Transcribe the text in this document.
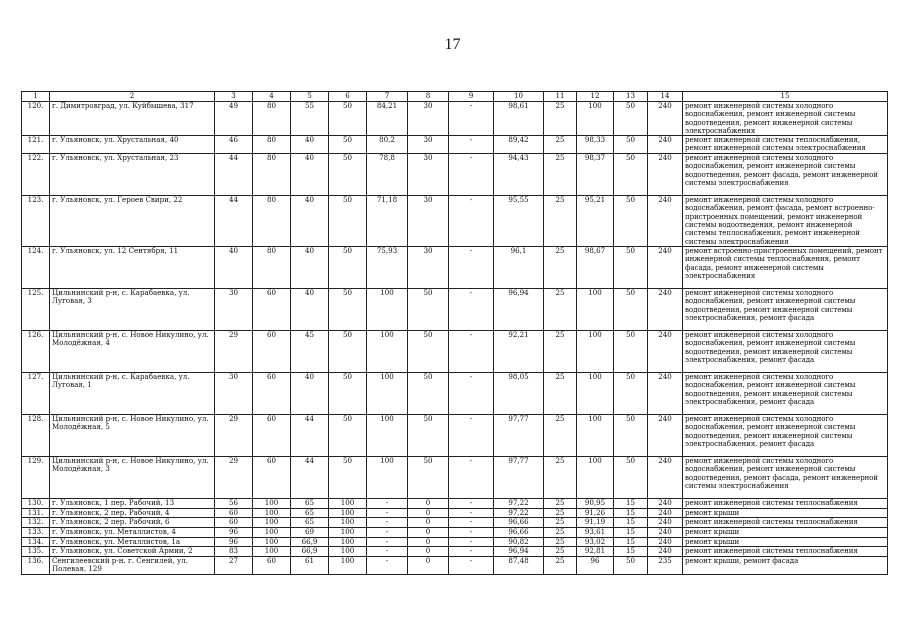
17
1	2	3	4	5	6	7	8	9	10	11	12	13	14	15
120.	г. Димитровград, ул. Куйбышева, 317	49	80	55	50	84,21	30	-	98,61	25	100	50	240	ремонт инженерной системы холодного водоснабжения, ремонт инженерной системы водоотведения, ремонт инженерной системы электроснабжения
121.	г. Ульяновск, ул. Хрустальная, 40	46	80	40	50	80,2	30	-	89,42	25	98,33	50	240	ремонт инженерной системы теплоснабжения, ремонт инженерной системы электроснабжения
122.	г. Ульяновск, ул. Хрустальная, 23	44	80	40	50	78,8	30	-	94,43	25	98,37	50	240	ремонт инженерной системы холодного водоснабжения, ремонт инженерной системы водоотведения, ремонт фасада, ремонт инженерной системы электроснабжения
123.	г. Ульяновск, ул. Героев Свири, 22	44	80	40	50	71,18	30	-	95,55	25	95,21	50	240	ремонт инженерной системы холодного водоснабжения, ремонт фасада, ремонт встроенно-пристроенных помещений, ремонт инженерной системы водоотведения, ремонт инженерной системы теплоснабжения, ремонт инженерной системы электроснабжения
124.	г. Ульяновск, ул. 12 Сентября, 11	40	80	40	50	75,93	30	-	96,1	25	98,67	50	240	ремонт встроенно-пристроенных помещений, ремонт инженерной системы теплоснабжения, ремонт фасада, ремонт инженерной системы электроснабжения
125.	Цильнинский р-н, с. Карабаевка, ул. Луговая, 3	30	60	40	50	100	50	-	96,94	25	100	50	240	ремонт инженерной системы холодного водоснабжения, ремонт инженерной системы водоотведения, ремонт инженерной системы электроснабжения, ремонт фасада
126.	Цильнинский р-н, с. Новое Никулино, ул. Молодёжная, 4	29	60	45	50	100	50	-	92,21	25	100	50	240	ремонт инженерной системы холодного водоснабжения, ремонт инженерной системы водоотведения, ремонт инженерной системы электроснабжения, ремонт фасада
127.	Цильнинский р-н, с. Карабаевка, ул. Луговая, 1	30	60	40	50	100	50	-	98,05	25	100	50	240	ремонт инженерной системы холодного водоснабжения, ремонт инженерной системы водоотведения, ремонт инженерной системы электроснабжения, ремонт фасада
128.	Цильнинский р-н, с. Новое Никулино, ул. Молодёжная, 5	29	60	44	50	100	50	-	97,77	25	100	50	240	ремонт инженерной системы холодного водоснабжения, ремонт инженерной системы водоотведения, ремонт инженерной системы электроснабжения, ремонт фасада
129.	Цильнинский р-н, с. Новое Никулино, ул. Молодёжная, 3	29	60	44	50	100	50	-	97,77	25	100	50	240	ремонт инженерной системы холодного водоснабжения, ремонт инженерной системы водоотведения, ремонт фасада, ремонт инженерной системы электроснабжения
130.	г. Ульяновск, 1 пер. Рабочий, 13	56	100	65	100	-	0	-	97,22	25	90,95	15	240	ремонт инженерной системы теплоснабжения
131.	г. Ульяновск, 2 пер. Рабочий, 4	60	100	65	100	-	0	-	97,22	25	91,26	15	240	ремонт крыши
132.	г. Ульяновск, 2 пер. Рабочий, 6	60	100	65	100	-	0	-	96,66	25	91,19	15	240	ремонт инженерной системы теплоснабжения
133.	г. Ульяновск, ул. Металлистов, 4	96	100	69	100	-	0	-	96,66	25	93,61	15	240	ремонт крыши
134.	г. Ульяновск, ул. Металлистов, 1а	96	100	66,9	100	-	0	-	90,82	25	93,02	15	240	ремонт крыши
135.	г. Ульяновск, ул. Советской Армии, 2	83	100	66,9	100	-	0	-	96,94	25	92,81	15	240	ремонт инженерной системы теплоснабжения
136.	Сенгилеевский р-н, г. Сенгилей, ул. Полевая, 129	27	60	61	100	-	0	-	87,48	25	96	50	235	ремонт крыши, ремонт фасада
